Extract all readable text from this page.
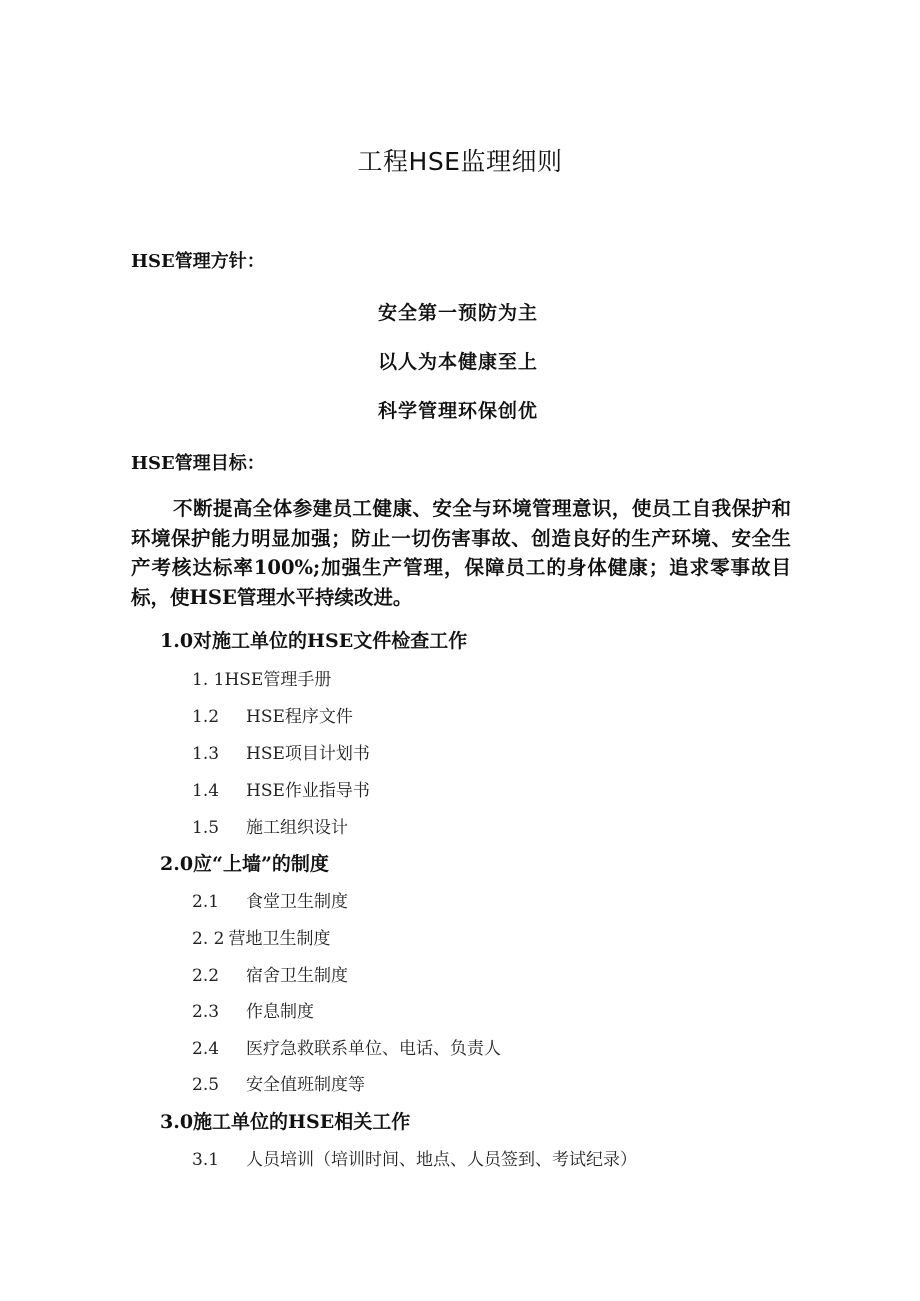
工程HSE监理细则
HSE管理方针：
安全第一预防为主
以人为本健康至上
科学管理环保创优
HSE管理目标：
不断提高全体参建员工健康、安全与环境管理意识，使员工自我保护和环境保护能力明显加强；防止一切伤害事故、创造良好的生产环境、安全生产考核达标率100%;加强生产管理，保障员工的身体健康；追求零事故目标，使HSE管理水平持续改进。
1.0对施工单位的HSE文件检查工作
1. 1HSE管理手册
1.2 HSE程序文件
1.3 HSE项目计划书
1.4 HSE作业指导书
1.5 施工组织设计
2.0应“上墙”的制度
2.1 食堂卫生制度
2. 2 营地卫生制度
2.2 宿舍卫生制度
2.3 作息制度
2.4 医疗急救联系单位、电话、负责人
2.5 安全值班制度等
3.0施工单位的HSE相关工作
3.1 人员培训（培训时间、地点、人员签到、考试纪录）
